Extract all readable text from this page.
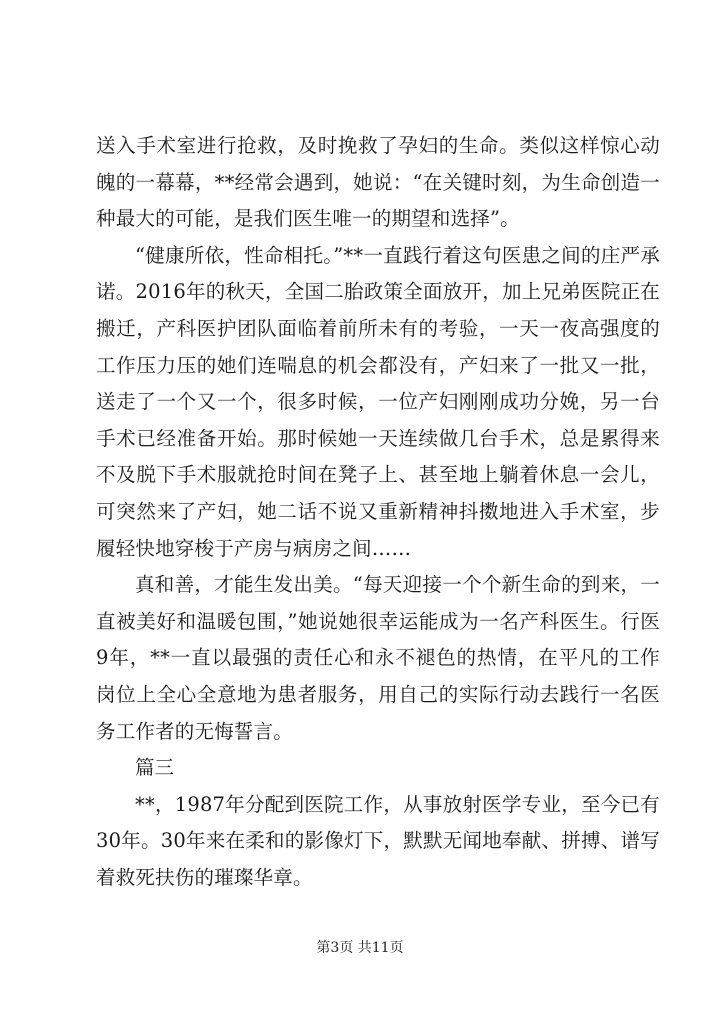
送入手术室进行抢救，及时挽救了孕妇的生命。类似这样惊心动魄的一幕幕，**经常会遇到，她说：“在关键时刻，为生命创造一种最大的可能，是我们医生唯一的期望和选择”。

“健康所依，性命相托。”**一直践行着这句医患之间的庄严承诺。2016年的秋天，全国二胎政策全面放开，加上兄弟医院正在搬迁，产科医护团队面临着前所未有的考验，一天一夜高强度的工作压力压的她们连喘息的机会都没有，产妇来了一批又一批，送走了一个又一个，很多时候，一位产妇刚刚成功分娩，另一台手术已经准备开始。那时候她一天连续做几台手术，总是累得来不及脱下手术服就抢时间在凳子上、甚至地上躺着休息一会儿，可突然来了产妇，她二话不说又重新精神抖擞地进入手术室，步履轻快地穿梭于产房与病房之间……

真和善，才能生发出美。“每天迎接一个个新生命的到来，一直被美好和温暖包围，”她说她很幸运能成为一名产科医生。行医9年，**一直以最强的责任心和永不褪色的热情，在平凡的工作岗位上全心全意地为患者服务，用自己的实际行动去践行一名医务工作者的无悔誓言。

篇三

**，1987年分配到医院工作，从事放射医学专业，至今已有30年。30年来在柔和的影像灯下，默默无闻地奉献、拼搏、谱写着救死扶伤的璀璨华章。

第3页 共11页
